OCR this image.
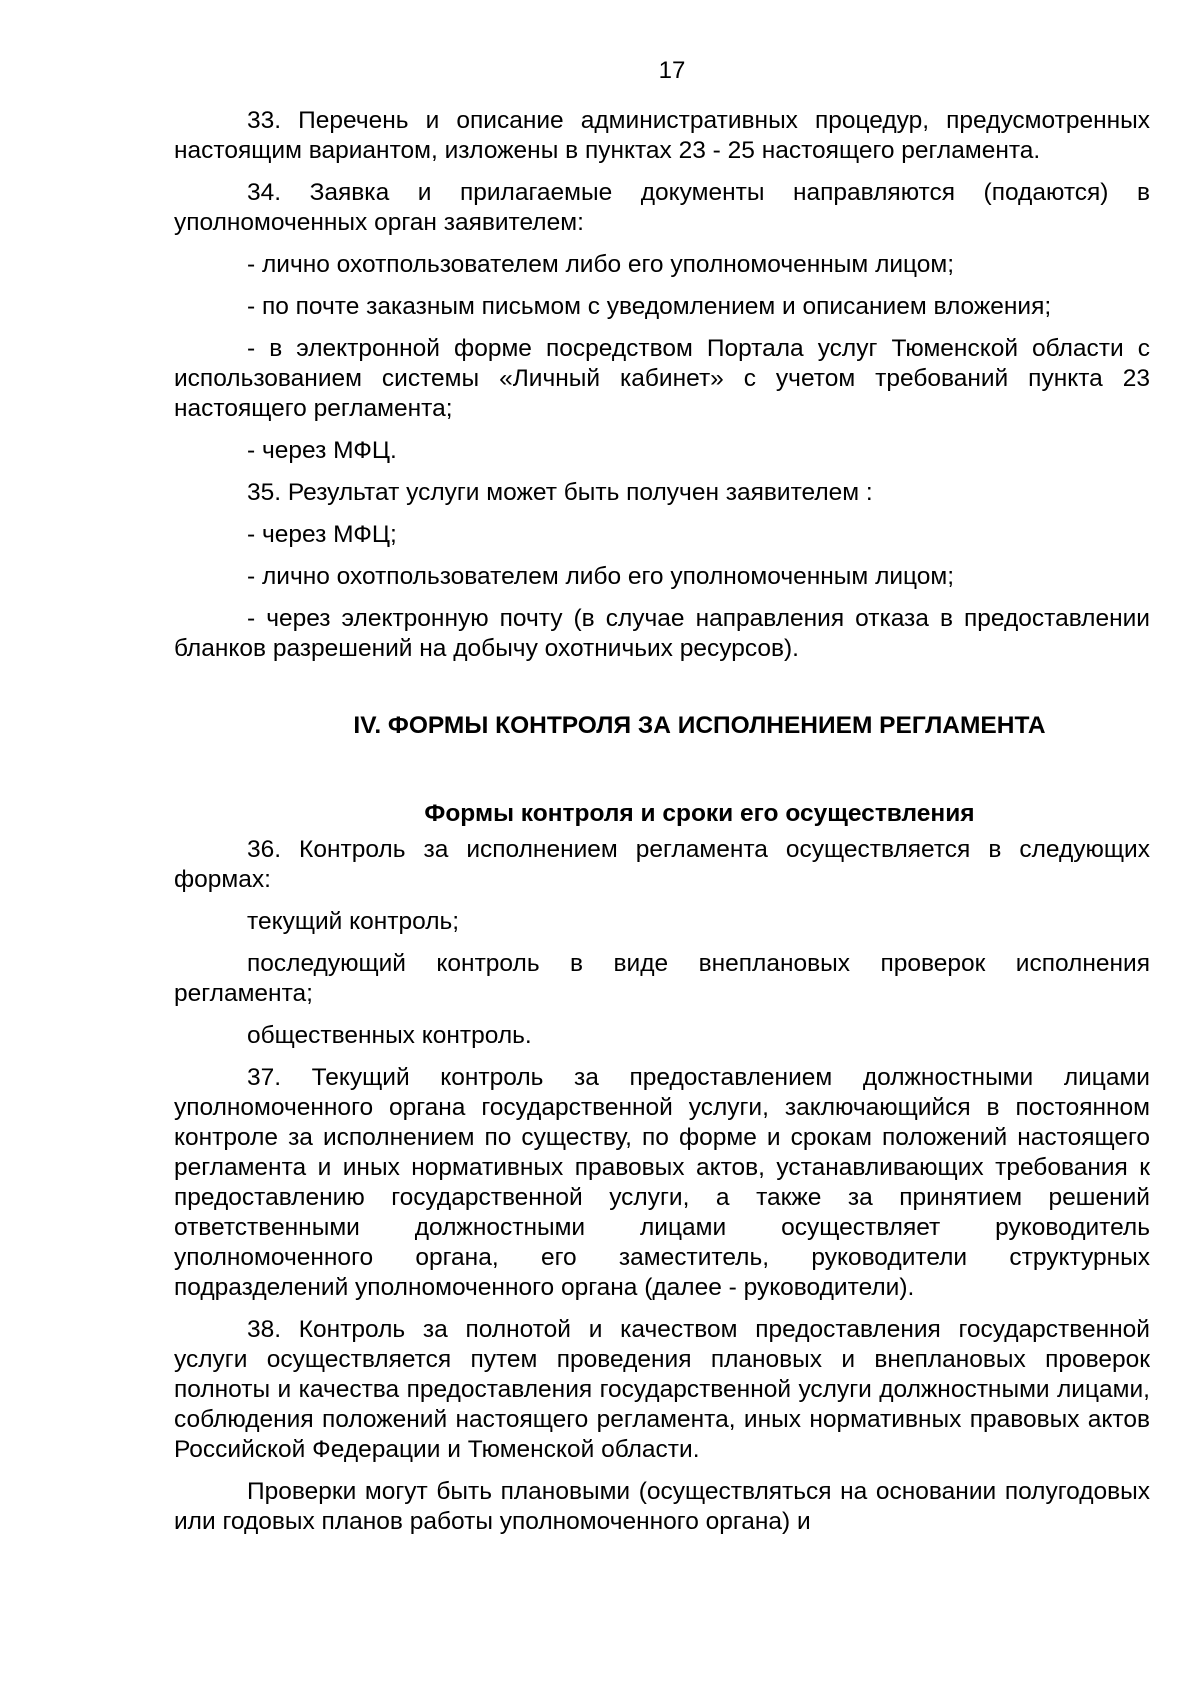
17

33. Перечень и описание административных процедур, предусмотренных настоящим вариантом, изложены в пунктах 23 - 25 настоящего регламента.

34. Заявка и прилагаемые документы направляются (подаются) в уполномоченных орган заявителем:

- лично охотпользователем либо его уполномоченным лицом;

- по почте заказным письмом с уведомлением и описанием вложения;

- в электронной форме посредством Портала услуг Тюменской области с использованием системы «Личный кабинет» с учетом требований пункта 23 настоящего регламента;

- через МФЦ.

35. Результат услуги может быть получен заявителем :

- через МФЦ;

- лично охотпользователем либо его уполномоченным лицом;

- через электронную почту (в случае направления отказа в предоставлении бланков разрешений на добычу охотничьих ресурсов).

IV. ФОРМЫ КОНТРОЛЯ ЗА ИСПОЛНЕНИЕМ РЕГЛАМЕНТА
Формы контроля и сроки его осуществления

36. Контроль за исполнением регламента осуществляется в следующих формах:

текущий контроль;

последующий контроль в виде внеплановых проверок исполнения регламента;

общественных контроль.

37. Текущий контроль за предоставлением должностными лицами уполномоченного органа государственной услуги, заключающийся в постоянном контроле за исполнением по существу, по форме и срокам положений настоящего регламента и иных нормативных правовых актов, устанавливающих требования к предоставлению государственной услуги, а также за принятием решений ответственными должностными лицами осуществляет руководитель уполномоченного органа, его заместитель, руководители структурных подразделений уполномоченного органа (далее - руководители).

38. Контроль за полнотой и качеством предоставления государственной услуги осуществляется путем проведения плановых и внеплановых проверок полноты и качества предоставления государственной услуги должностными лицами, соблюдения положений настоящего регламента, иных нормативных правовых актов Российской Федерации и Тюменской области.

Проверки могут быть плановыми (осуществляться на основании полугодовых или годовых планов работы уполномоченного органа) и
